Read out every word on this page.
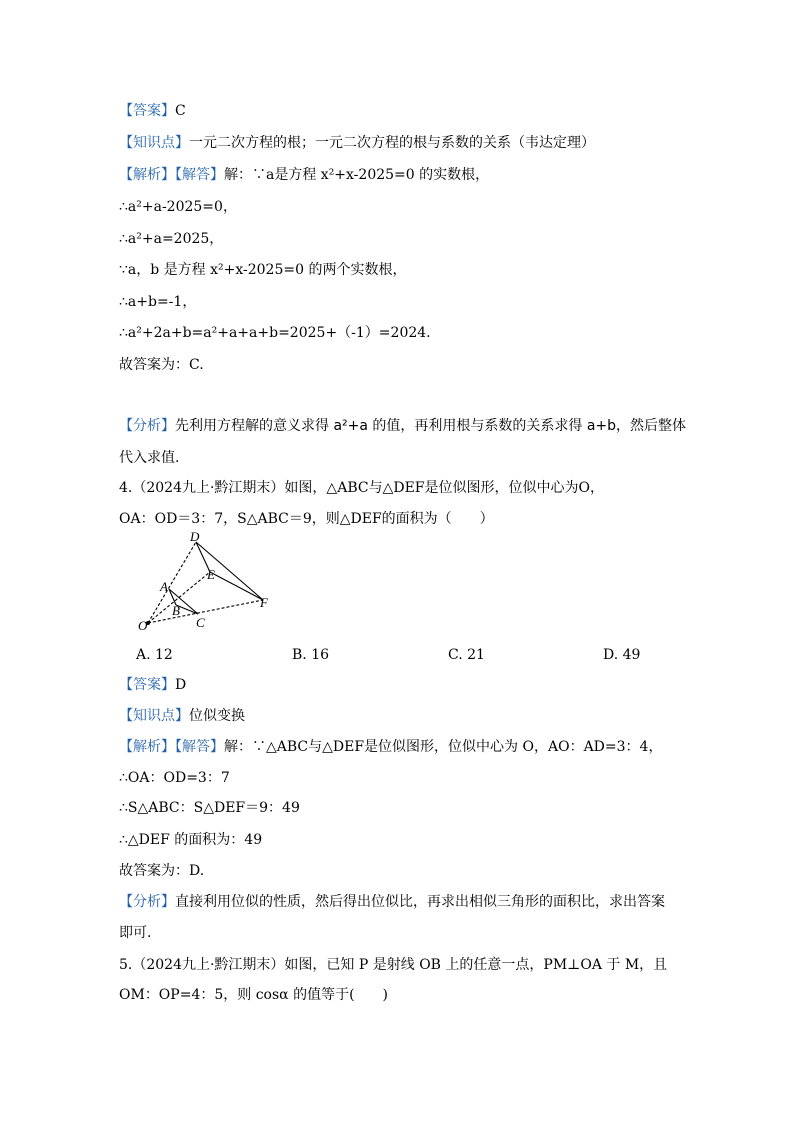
【答案】C
【知识点】一元二次方程的根；一元二次方程的根与系数的关系（韦达定理）
【解析】【解答】解：∵a是方程 x²+x-2025=0 的实数根，
∴a²+a-2025=0，
∴a²+a=2025，
∵a，b 是方程 x²+x-2025=0 的两个实数根，
∴a+b=-1，
∴a²+2a+b=a²+a+a+b=2025+（-1）=2024.
故答案为：C.
【分析】先利用方程解的意义求得 a²+a 的值，再利用根与系数的关系求得 a+b，然后整体
代入求值.
4.（2024九上·黔江期末）如图，△ABC与△DEF是位似图形，位似中心为O，
OA：OD＝3：7，S△ABC＝9，则△DEF的面积为（　　）
D
E
A
B
F
O	C
A. 12	B. 16	C. 21	D. 49
【答案】D
【知识点】位似变换
【解析】【解答】解：∵△ABC与△DEF是位似图形，位似中心为 O，AO：AD=3：4，
∴OA：OD=3：7
∴S△ABC：S△DEF＝9：49
∴△DEF 的面积为：49
故答案为：D.
【分析】直接利用位似的性质，然后得出位似比，再求出相似三角形的面积比，求出答案
即可.
5.（2024九上·黔江期末）如图，已知 P 是射线 OB 上的任意一点，PM⊥OA 于 M，且
OM：OP=4：5，则 cosα 的值等于(　　)
